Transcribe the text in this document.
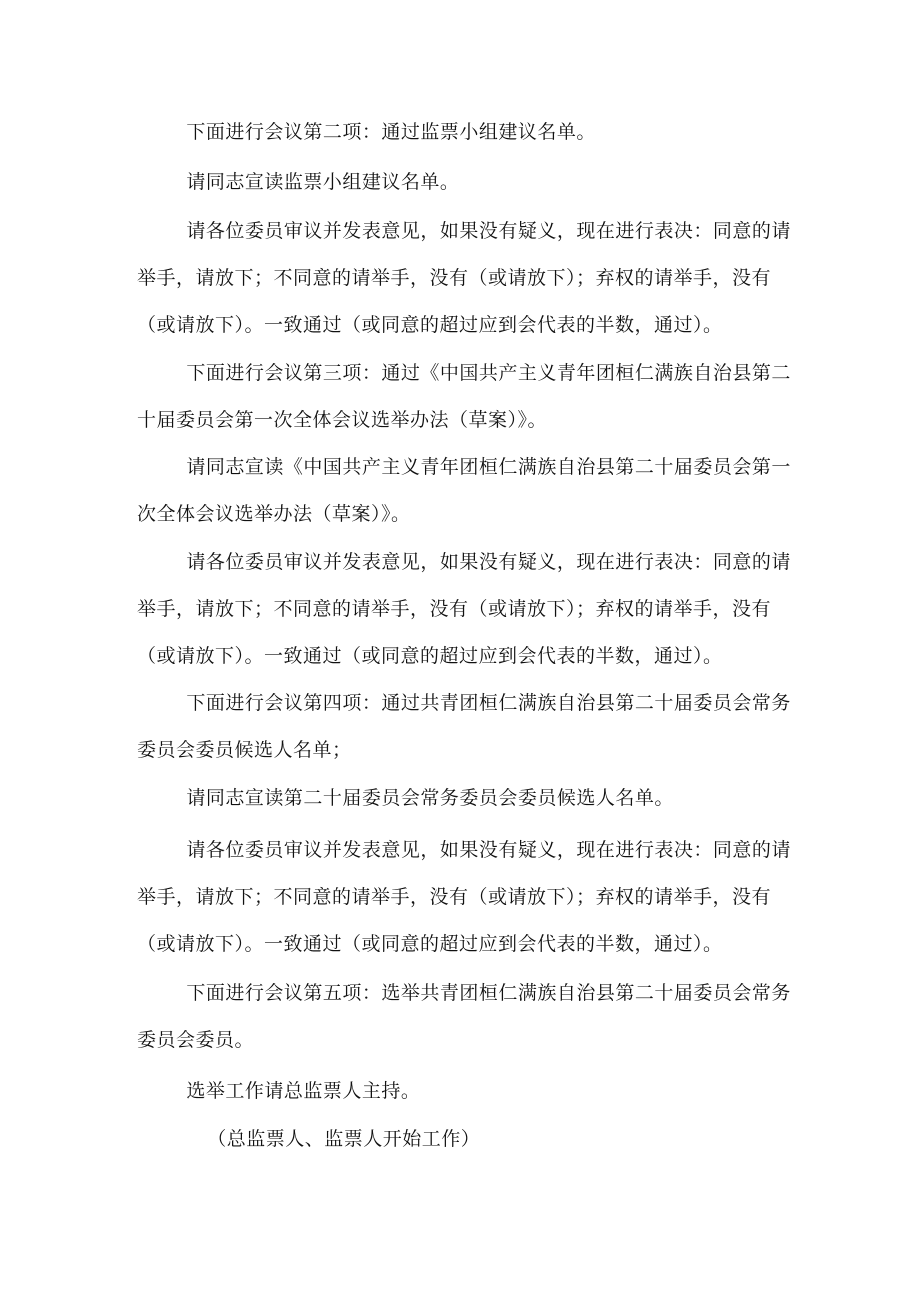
下面进行会议第二项：通过监票小组建议名单。

请同志宣读监票小组建议名单。

请各位委员审议并发表意见，如果没有疑义，现在进行表决：同意的请举手，请放下；不同意的请举手，没有（或请放下）；弃权的请举手，没有（或请放下）。一致通过（或同意的超过应到会代表的半数，通过）。

下面进行会议第三项：通过《中国共产主义青年团桓仁满族自治县第二十届委员会第一次全体会议选举办法（草案）》。

请同志宣读《中国共产主义青年团桓仁满族自治县第二十届委员会第一次全体会议选举办法（草案）》。

请各位委员审议并发表意见，如果没有疑义，现在进行表决：同意的请举手，请放下；不同意的请举手，没有（或请放下）；弃权的请举手，没有（或请放下）。一致通过（或同意的超过应到会代表的半数，通过）。

下面进行会议第四项：通过共青团桓仁满族自治县第二十届委员会常务委员会委员候选人名单；

请同志宣读第二十届委员会常务委员会委员候选人名单。

请各位委员审议并发表意见，如果没有疑义，现在进行表决：同意的请举手，请放下；不同意的请举手，没有（或请放下）；弃权的请举手，没有（或请放下）。一致通过（或同意的超过应到会代表的半数，通过）。

下面进行会议第五项：选举共青团桓仁满族自治县第二十届委员会常务委员会委员。

选举工作请总监票人主持。

（总监票人、监票人开始工作）
